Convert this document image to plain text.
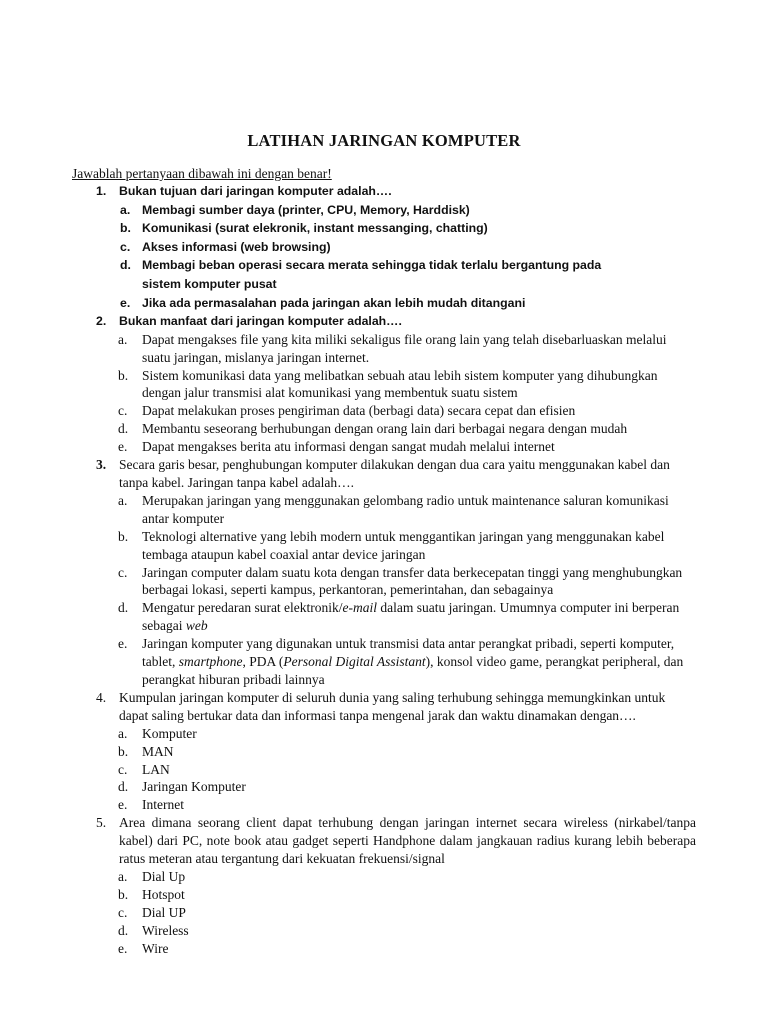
LATIHAN JARINGAN KOMPUTER
Jawablah pertanyaan dibawah ini dengan benar!
1. Bukan tujuan dari jaringan komputer adalah….
a. Membagi sumber daya (printer, CPU, Memory, Harddisk)
b. Komunikasi (surat elekronik, instant messanging, chatting)
c. Akses informasi (web browsing)
d. Membagi beban operasi secara merata sehingga tidak terlalu bergantung pada sistem komputer pusat
e. Jika ada permasalahan pada jaringan akan lebih mudah ditangani
2. Bukan manfaat dari jaringan komputer adalah….
a. Dapat mengakses file yang kita miliki sekaligus file orang lain yang telah disebarluaskan melalui suatu jaringan, mislanya jaringan internet.
b. Sistem komunikasi data yang melibatkan sebuah atau lebih sistem komputer yang dihubungkan dengan jalur transmisi alat komunikasi yang membentuk suatu sistem
c. Dapat melakukan proses pengiriman data (berbagi data) secara cepat dan efisien
d. Membantu seseorang berhubungan dengan orang lain dari berbagai negara dengan mudah
e. Dapat mengakses berita atu informasi dengan sangat mudah melalui internet
3. Secara garis besar, penghubungan komputer dilakukan dengan dua cara yaitu menggunakan kabel dan tanpa kabel. Jaringan tanpa kabel adalah….
a. Merupakan jaringan yang menggunakan gelombang radio untuk maintenance saluran komunikasi antar komputer
b. Teknologi alternative yang lebih modern untuk menggantikan jaringan yang menggunakan kabel tembaga ataupun kabel coaxial antar device jaringan
c. Jaringan computer dalam suatu kota dengan transfer data berkecepatan tinggi yang menghubungkan berbagai lokasi, seperti kampus, perkantoran, pemerintahan, dan sebagainya
d. Mengatur peredaran surat elektronik/e-mail dalam suatu jaringan. Umumnya computer ini berperan sebagai web
e. Jaringan komputer yang digunakan untuk transmisi data antar perangkat pribadi, seperti komputer, tablet, smartphone, PDA (Personal Digital Assistant), konsol video game, perangkat peripheral, dan perangkat hiburan pribadi lainnya
4. Kumpulan jaringan komputer di seluruh dunia yang saling terhubung sehingga memungkinkan untuk dapat saling bertukar data dan informasi tanpa mengenal jarak dan waktu dinamakan dengan….
a. Komputer
b. MAN
c. LAN
d. Jaringan Komputer
e. Internet
5. Area dimana seorang client dapat terhubung dengan jaringan internet secara wireless (nirkabel/tanpa kabel) dari PC, note book atau gadget seperti Handphone dalam jangkauan radius kurang lebih beberapa ratus meteran atau tergantung dari kekuatan frekuensi/signal
a. Dial Up
b. Hotspot
c. Dial UP
d. Wireless
e. Wire
